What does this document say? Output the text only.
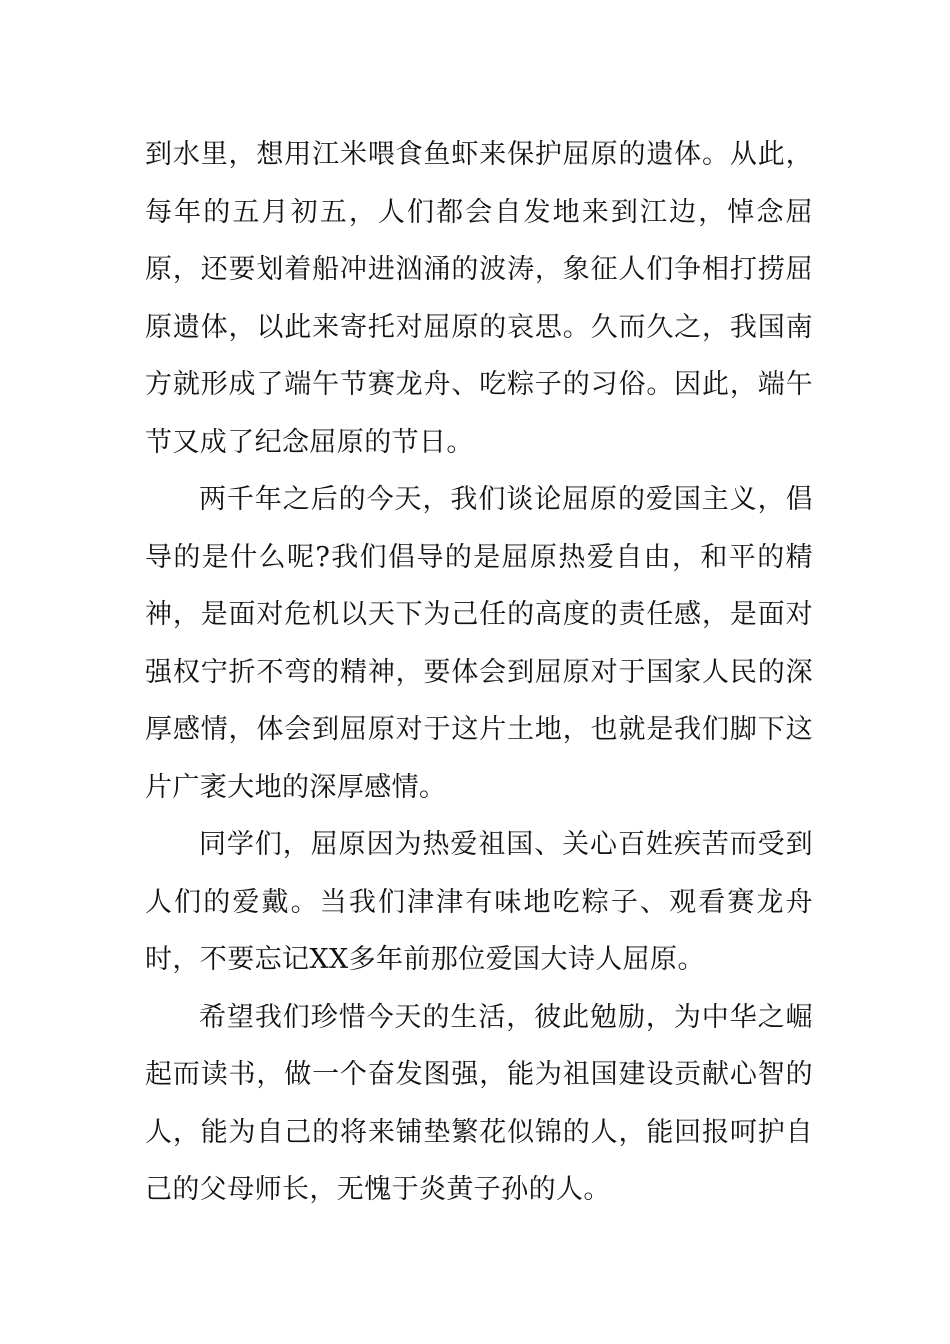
到水里，想用江米喂食鱼虾来保护屈原的遗体。从此，每年的五月初五，人们都会自发地来到江边，悼念屈原，还要划着船冲进汹涌的波涛，象征人们争相打捞屈原遗体，以此来寄托对屈原的哀思。久而久之，我国南方就形成了端午节赛龙舟、吃粽子的习俗。因此，端午节又成了纪念屈原的节日。

两千年之后的今天，我们谈论屈原的爱国主义，倡导的是什么呢?我们倡导的是屈原热爱自由，和平的精神，是面对危机以天下为己任的高度的责任感，是面对强权宁折不弯的精神，要体会到屈原对于国家人民的深厚感情，体会到屈原对于这片土地，也就是我们脚下这片广袤大地的深厚感情。

同学们，屈原因为热爱祖国、关心百姓疾苦而受到人们的爱戴。当我们津津有味地吃粽子、观看赛龙舟时，不要忘记XX多年前那位爱国大诗人屈原。

希望我们珍惜今天的生活，彼此勉励，为中华之崛起而读书，做一个奋发图强，能为祖国建设贡献心智的人，能为自己的将来铺垫繁花似锦的人，能回报呵护自己的父母师长，无愧于炎黄子孙的人。
